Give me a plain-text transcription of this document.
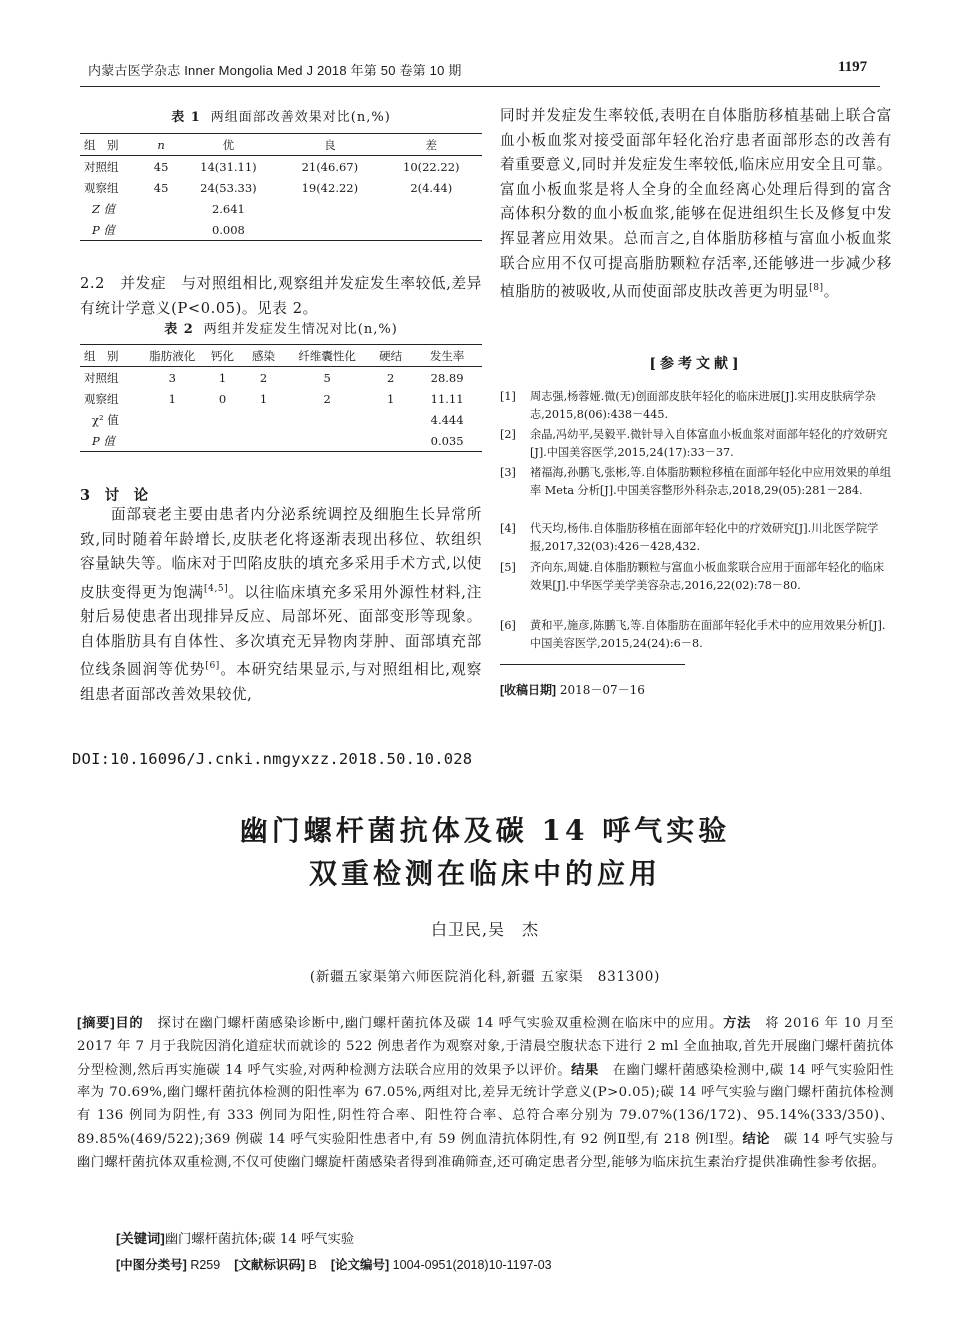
内蒙古医学杂志 Inner Mongolia Med J 2018 年第 50 卷第 10 期	1197
表 1 两组面部改善效果对比(n,%)
组　别	n	优	良	差
对照组	45	14(31.11)	21(46.67)	10(22.22)
观察组	45	24(53.33)	19(42.22)	2(4.44)
Z 值		2.641		
P 值		0.008		
2.2　并发症　与对照组相比,观察组并发症发生率较低,差异有统计学意义(P<0.05)。见表 2。
表 2 两组并发症发生情况对比(n,%)
组　别	脂肪液化	钙化	感染	纤维囊性化	硬结	发生率
对照组	3	1	2	5	2	28.89
观察组	1	0	1	2	1	11.11
χ² 值						4.444
P 值						0.035
3　讨　论
　　面部衰老主要由患者内分泌系统调控及细胞生长异常所致,同时随着年龄增长,皮肤老化将逐渐表现出移位、软组织容量缺失等。临床对于凹陷皮肤的填充多采用手术方式,以使皮肤变得更为饱满[4,5]。以往临床填充多采用外源性材料,注射后易使患者出现排异反应、局部坏死、面部变形等现象。自体脂肪具有自体性、多次填充无异物肉芽肿、面部填充部位线条圆润等优势[6]。本研究结果显示,与对照组相比,观察组患者面部改善效果较优,
同时并发症发生率较低,表明在自体脂肪移植基础上联合富血小板血浆对接受面部年轻化治疗患者面部形态的改善有着重要意义,同时并发症发生率较低,临床应用安全且可靠。富血小板血浆是将人全身的全血经离心处理后得到的富含高体积分数的血小板血浆,能够在促进组织生长及修复中发挥显著应用效果。总而言之,自体脂肪移植与富血小板血浆联合应用不仅可提高脂肪颗粒存活率,还能够进一步减少移植脂肪的被吸收,从而使面部皮肤改善更为明显[8]。
[参考文献]
[1] 周志强,杨蓉娅.微(无)创面部皮肤年轻化的临床进展[J].实用皮肤病学杂志,2015,8(06):438－445.
[2] 余晶,冯幼平,吴毅平.微针导入自体富血小板血浆对面部年轻化的疗效研究[J].中国美容医学,2015,24(17):33－37.
[3] 褚福海,孙鹏飞,张彬,等.自体脂肪颗粒移植在面部年轻化中应用效果的单组率 Meta 分析[J].中国美容整形外科杂志,2018,29(05):281－284.
[4] 代天均,杨伟.自体脂肪移植在面部年轻化中的疗效研究[J].川北医学院学报,2017,32(03):426－428,432.
[5] 齐向东,周婕.自体脂肪颗粒与富血小板血浆联合应用于面部年轻化的临床效果[J].中华医学美学美容杂志,2016,22(02):78－80.
[6] 黄和平,施彦,陈鹏飞,等.自体脂肪在面部年轻化手术中的应用效果分析[J].中国美容医学,2015,24(24):6－8.
[收稿日期] 2018－07－16
DOI:10.16096/J.cnki.nmgyxzz.2018.50.10.028
幽门螺杆菌抗体及碳 14 呼气实验
双重检测在临床中的应用
白卫民,吴　杰
(新疆五家渠第六师医院消化科,新疆 五家渠　831300)
[摘要]目的　探讨在幽门螺杆菌感染诊断中,幽门螺杆菌抗体及碳 14 呼气实验双重检测在临床中的应用。方法　将 2016 年 10 月至 2017 年 7 月于我院因消化道症状而就诊的 522 例患者作为观察对象,于清晨空腹状态下进行 2 ml 全血抽取,首先开展幽门螺杆菌抗体分型检测,然后再实施碳 14 呼气实验,对两种检测方法联合应用的效果予以评价。结果　在幽门螺杆菌感染检测中,碳 14 呼气实验阳性率为 70.69%,幽门螺杆菌抗体检测的阳性率为 67.05%,两组对比,差异无统计学意义(P>0.05);碳 14 呼气实验与幽门螺杆菌抗体检测有 136 例同为阴性,有 333 例同为阳性,阴性符合率、阳性符合率、总符合率分别为 79.07%(136/172)、95.14%(333/350)、89.85%(469/522);369 例碳 14 呼气实验阳性患者中,有 59 例血清抗体阴性,有 92 例Ⅱ型,有 218 例Ⅰ型。结论　碳 14 呼气实验与幽门螺杆菌抗体双重检测,不仅可使幽门螺旋杆菌感染者得到准确筛查,还可确定患者分型,能够为临床抗生素治疗提供准确性参考依据。
[关键词]幽门螺杆菌抗体;碳 14 呼气实验
[中图分类号] R259 [文献标识码] B [论文编号] 1004-0951(2018)10-1197-03
